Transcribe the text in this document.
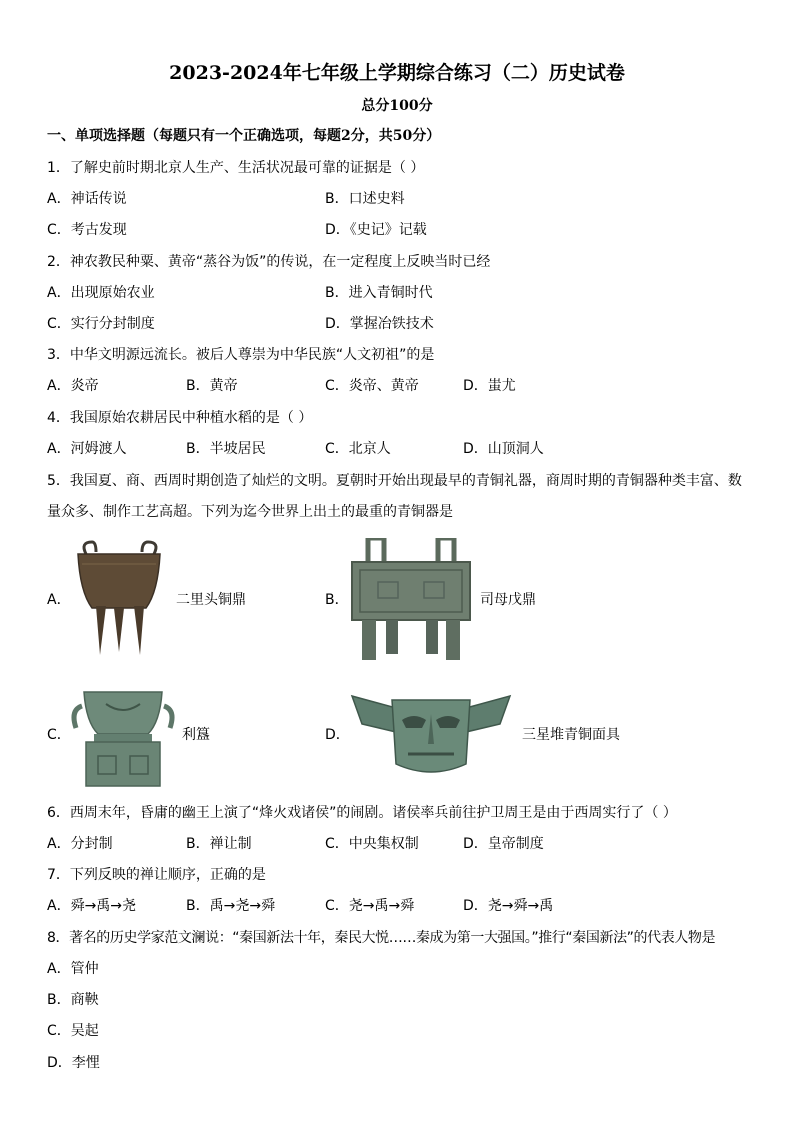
2023-2024年七年级上学期综合练习（二）历史试卷
总分100分
一、单项选择题（每题只有一个正确选项，每题2分，共50分）
1．了解史前时期北京人生产、生活状况最可靠的证据是（ ）
A．神话传说	B．口述史料
C．考古发现	D．《史记》记载
2．神农教民种粟、黄帝“蒸谷为饭”的传说，在一定程度上反映当时已经
A．出现原始农业	B．进入青铜时代
C．实行分封制度	D．掌握冶铁技术
3．中华文明源远流长。被后人尊崇为中华民族“人文初祖”的是
A．炎帝	B．黄帝	C．炎帝、黄帝	D．蚩尤
4．我国原始农耕居民中种植水稻的是（ ）
A．河姆渡人	B．半坡居民	C．北京人	D．山顶洞人
5．我国夏、商、西周时期创造了灿烂的文明。夏朝时开始出现最早的青铜礼器，商周时期的青铜器种类丰富、数
量众多、制作工艺高超。下列为迄今世界上出土的最重的青铜器是
A．	二里头铜鼎	B．	司母戊鼎
C．	利簋	D．	三星堆青铜面具
6．西周末年，昏庸的幽王上演了“烽火戏诸侯”的闹剧。诸侯率兵前往护卫周王是由于西周实行了（ ）
A．分封制	B．禅让制	C．中央集权制	D．皇帝制度
7．下列反映的禅让顺序，正确的是
A．舜→禹→尧	B．禹→尧→舜	C．尧→禹→舜	D．尧→舜→禹
8．著名的历史学家范文澜说：“秦国新法十年，秦民大悦……秦成为第一大强国。”推行“秦国新法”的代表人物是
A．管仲
B．商鞅
C．吴起
D．李悝
